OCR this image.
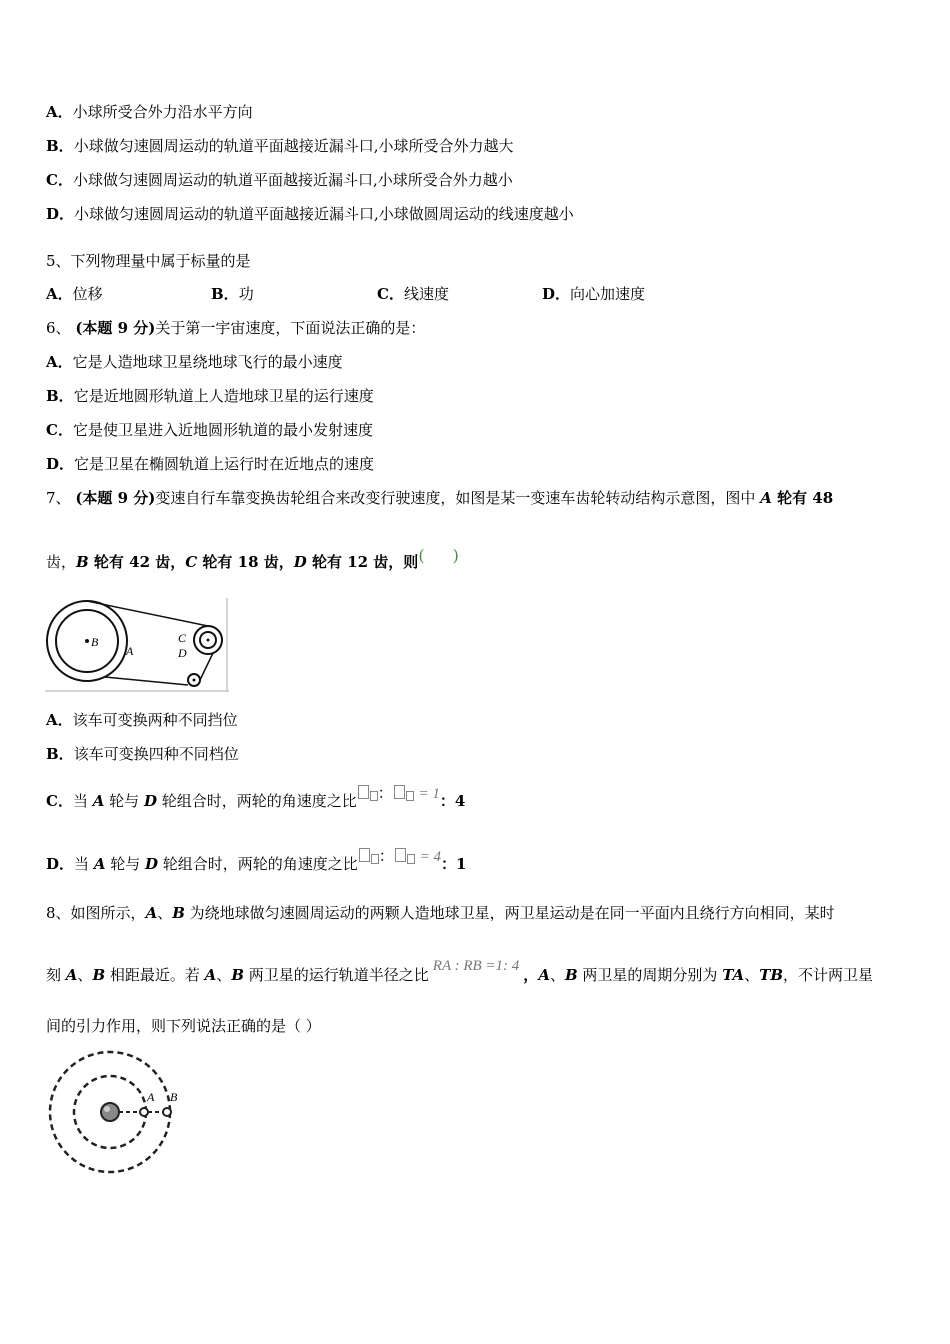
A．小球所受合外力沿水平方向
B．小球做匀速圆周运动的轨道平面越接近漏斗口,小球所受合外力越大
C．小球做匀速圆周运动的轨道平面越接近漏斗口,小球所受合外力越小
D．小球做匀速圆周运动的轨道平面越接近漏斗口,小球做圆周运动的线速度越小
5、下列物理量中属于标量的是
A．位移	B．功	C．线速度	D．向心加速度
6、 (本题 9 分)关于第一宇宙速度，下面说法正确的是：
A．它是人造地球卫星绕地球飞行的最小速度
B．它是近地圆形轨道上人造地球卫星的运行速度
C．它是使卫星进入近地圆形轨道的最小发射速度
D．它是卫星在椭圆轨道上运行时在近地点的速度
7、 (本题 9 分)变速自行车靠变换齿轮组合来改变行驶速度，如图是某一变速车齿轮转动结构示意图，图中 A 轮有 48
齿，B 轮有 42 齿，C 轮有 18 齿，D 轮有 12 齿，则( )
B
A
C
D
A．该车可变换两种不同挡位
B．该车可变换四种不同档位
C．当 A 轮与 D 轮组合时，两轮的角速度之比 ： = 1：4
D．当 A 轮与 D 轮组合时，两轮的角速度之比 ： = 4：1
8、如图所示，A、B 为绕地球做匀速圆周运动的两颗人造地球卫星，两卫星运动是在同一平面内且绕行方向相同，某时
刻 A、B 相距最近。若 A、B 两卫星的运行轨道半径之比 RA : RB =1: 4 ，A、B 两卫星的周期分别为 TA、TB，不计两卫星
间的引力作用，则下列说法正确的是（ ）
A B
